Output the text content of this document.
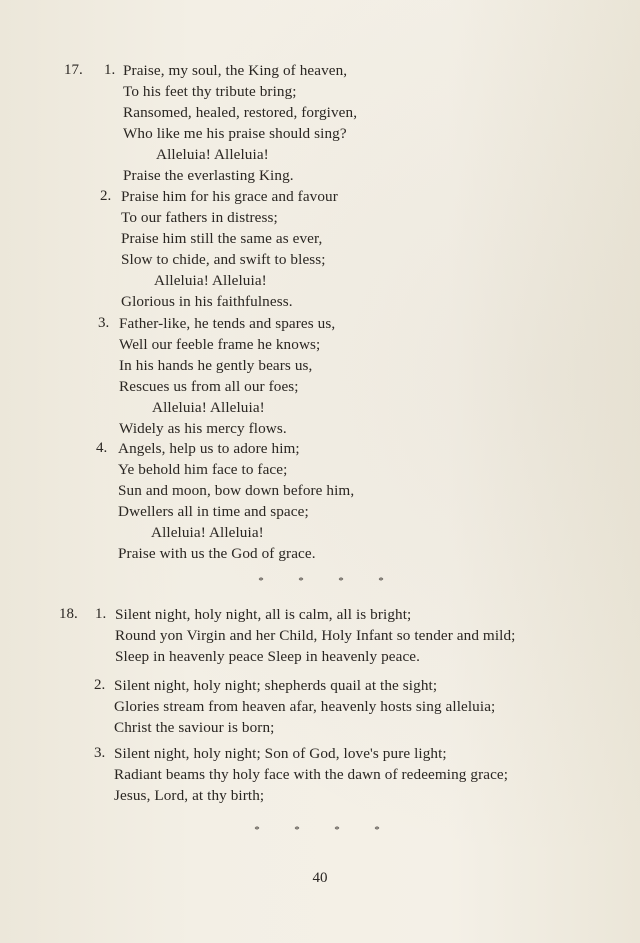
17. 1. Praise, my soul, the King of heaven,
To his feet thy tribute bring;
Ransomed, healed, restored, forgiven,
Who like me his praise should sing?
Alleluia! Alleluia!
Praise the everlasting King.
2. Praise him for his grace and favour
To our fathers in distress;
Praise him still the same as ever,
Slow to chide, and swift to bless;
Alleluia! Alleluia!
Glorious in his faithfulness.
3. Father-like, he tends and spares us,
Well our feeble frame he knows;
In his hands he gently bears us,
Rescues us from all our foes;
Alleluia! Alleluia!
Widely as his mercy flows.
4. Angels, help us to adore him;
Ye behold him face to face;
Sun and moon, bow down before him,
Dwellers all in time and space;
Alleluia! Alleluia!
Praise with us the God of grace.
*	*	*	*
18. 1. Silent night, holy night, all is calm, all is bright;
Round yon Virgin and her Child, Holy Infant so tender and mild;
Sleep in heavenly peace Sleep in heavenly peace.
2. Silent night, holy night; shepherds quail at the sight;
Glories stream from heaven afar, heavenly hosts sing alleluia;
Christ the saviour is born;
3. Silent night, holy night; Son of God, love's pure light;
Radiant beams thy holy face with the dawn of redeeming grace;
Jesus, Lord, at thy birth;
*	*	*	*
40
